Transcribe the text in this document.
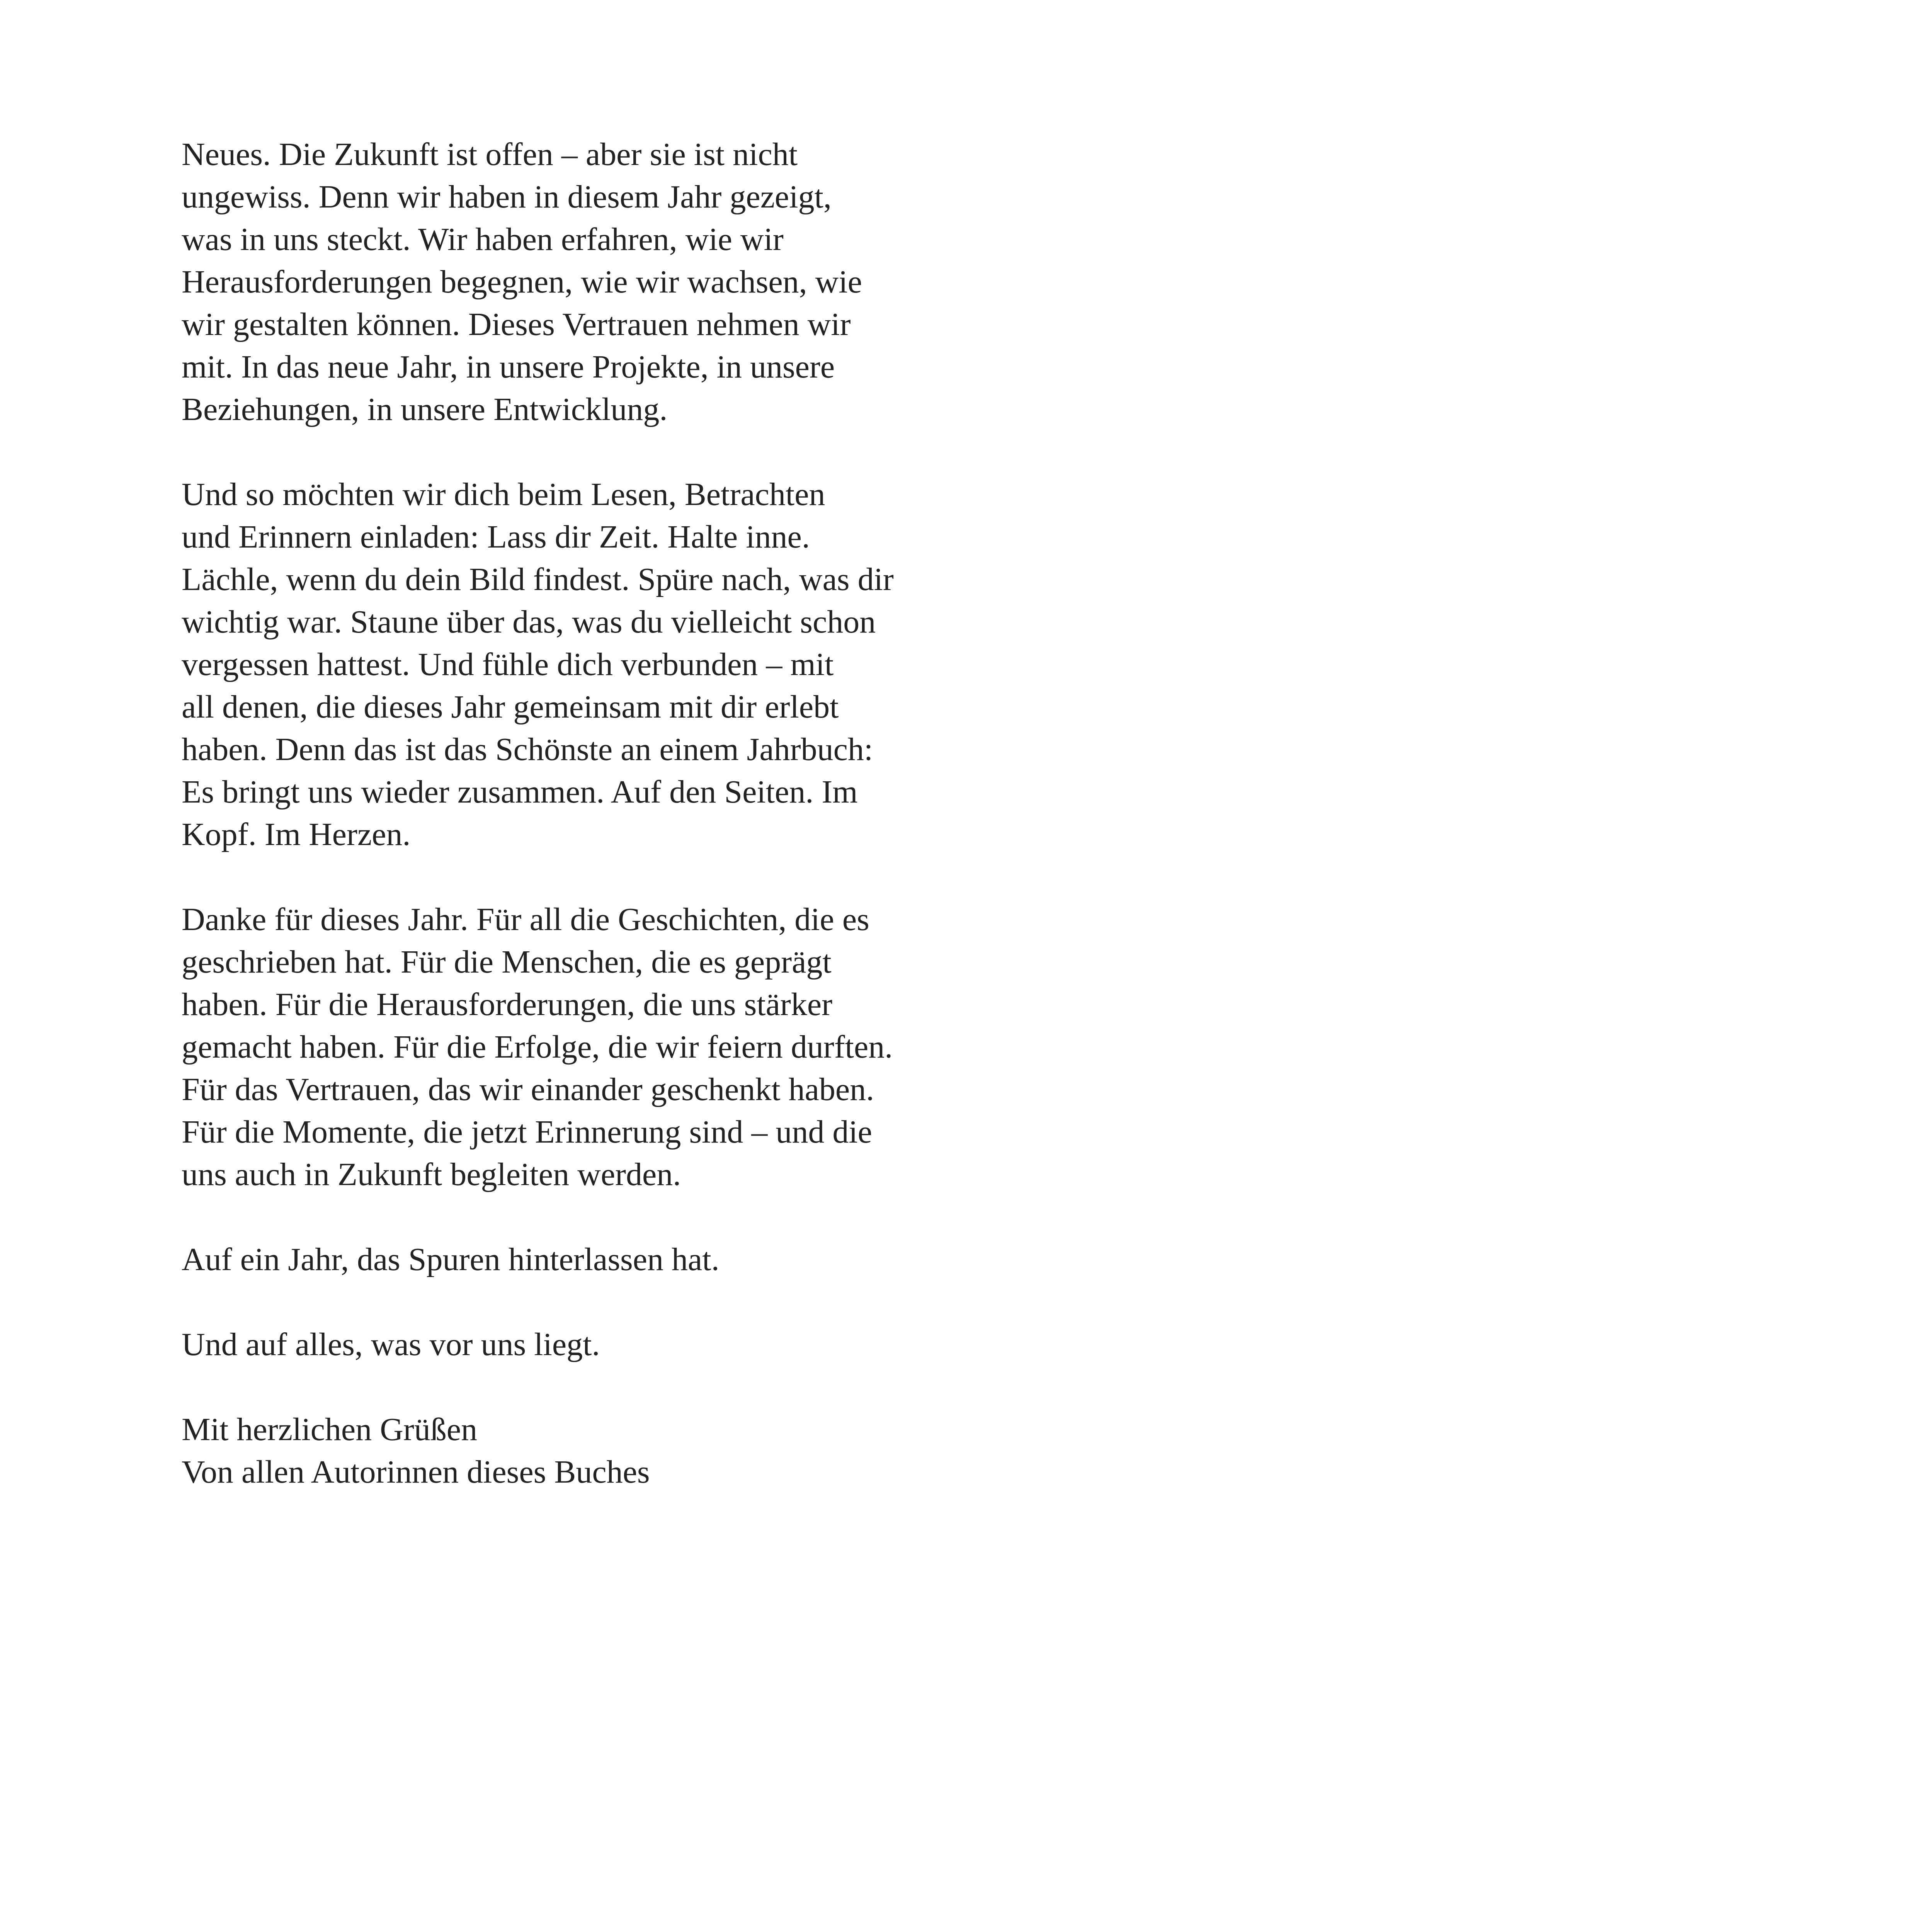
Neues. Die Zukunft ist offen – aber sie ist nicht
ungewiss. Denn wir haben in diesem Jahr gezeigt,
was in uns steckt. Wir haben erfahren, wie wir
Herausforderungen begegnen, wie wir wachsen, wie
wir gestalten können. Dieses Vertrauen nehmen wir
mit. In das neue Jahr, in unsere Projekte, in unsere
Beziehungen, in unsere Entwicklung.

Und so möchten wir dich beim Lesen, Betrachten
und Erinnern einladen: Lass dir Zeit. Halte inne.
Lächle, wenn du dein Bild findest. Spüre nach, was dir
wichtig war. Staune über das, was du vielleicht schon
vergessen hattest. Und fühle dich verbunden – mit
all denen, die dieses Jahr gemeinsam mit dir erlebt
haben. Denn das ist das Schönste an einem Jahrbuch:
Es bringt uns wieder zusammen. Auf den Seiten. Im
Kopf. Im Herzen.

Danke für dieses Jahr. Für all die Geschichten, die es
geschrieben hat. Für die Menschen, die es geprägt
haben. Für die Herausforderungen, die uns stärker
gemacht haben. Für die Erfolge, die wir feiern durften.
Für das Vertrauen, das wir einander geschenkt haben.
Für die Momente, die jetzt Erinnerung sind – und die
uns auch in Zukunft begleiten werden.

Auf ein Jahr, das Spuren hinterlassen hat.

Und auf alles, was vor uns liegt.

Mit herzlichen Grüßen
Von allen Autorinnen dieses Buches
